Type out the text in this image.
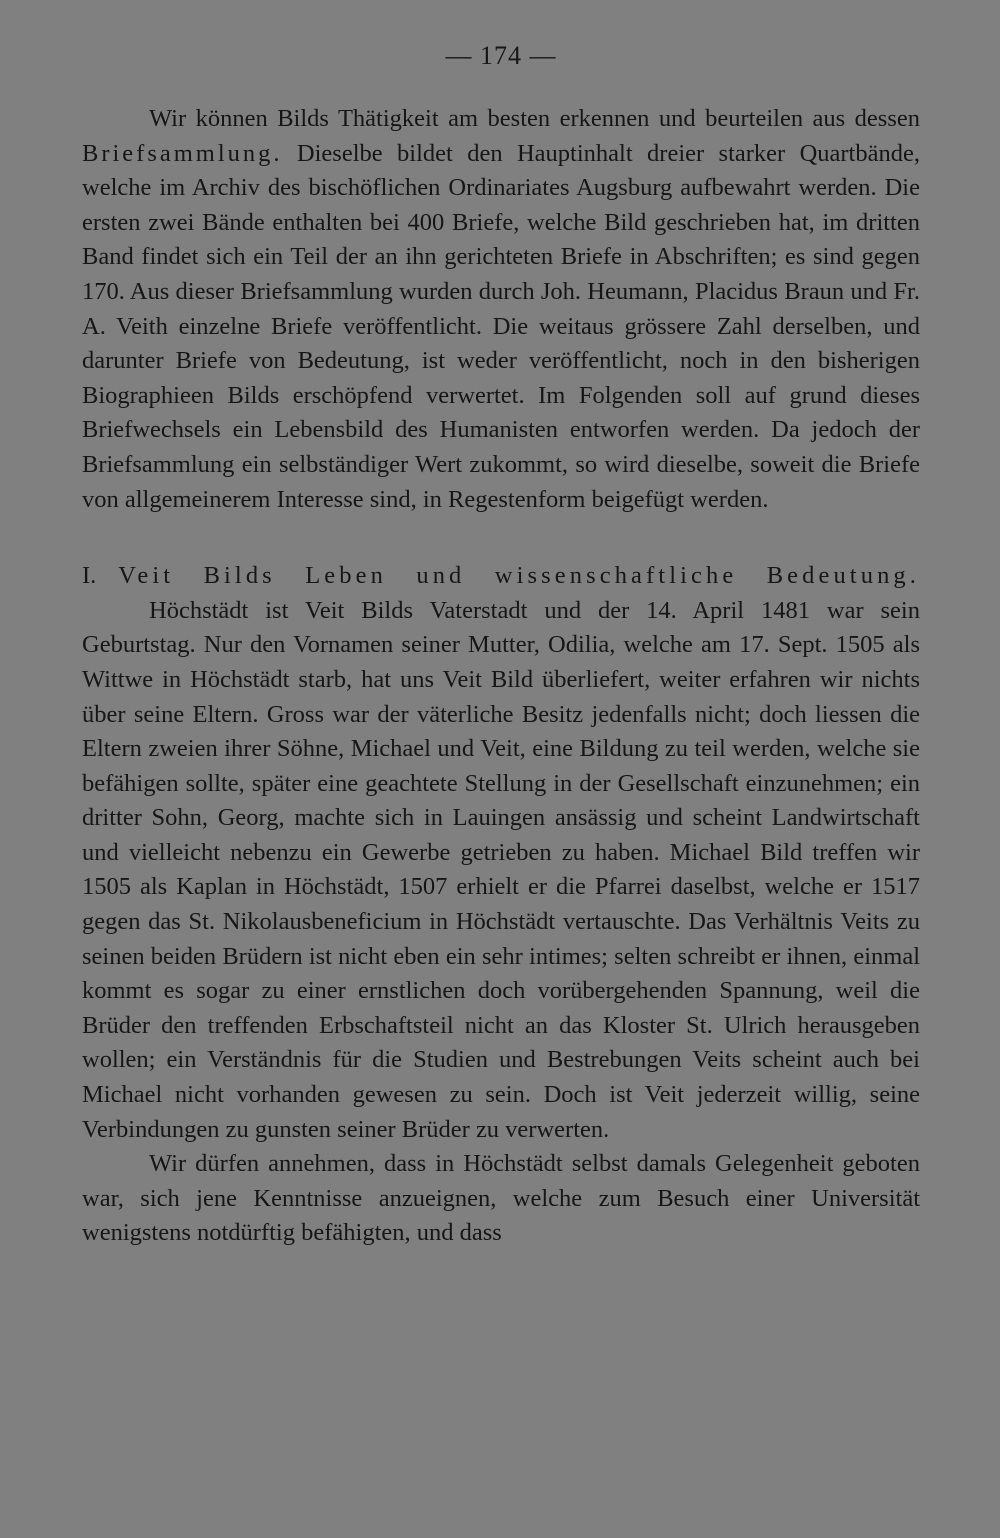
— 174 —

Wir können Bilds Thätigkeit am besten erkennen und beurteilen aus dessen Briefsammlung. Dieselbe bildet den Hauptinhalt dreier starker Quartbände, welche im Archiv des bischöflichen Ordinariates Augsburg aufbewahrt werden. Die ersten zwei Bände enthalten bei 400 Briefe, welche Bild geschrieben hat, im dritten Band findet sich ein Teil der an ihn gerichteten Briefe in Abschriften; es sind gegen 170. Aus dieser Briefsammlung wurden durch Joh. Heumann, Placidus Braun und Fr. A. Veith einzelne Briefe veröffentlicht. Die weitaus grössere Zahl derselben, und darunter Briefe von Bedeutung, ist weder veröffentlicht, noch in den bisherigen Biographieen Bilds erschöpfend verwertet. Im Folgenden soll auf grund dieses Briefwechsels ein Lebensbild des Humanisten entworfen werden. Da jedoch der Briefsammlung ein selbständiger Wert zukommt, so wird dieselbe, soweit die Briefe von allgemeinerem Interesse sind, in Regestenform beigefügt werden.

I. Veit Bilds Leben und wissenschaftliche Bedeutung.

Höchstädt ist Veit Bilds Vaterstadt und der 14. April 1481 war sein Geburtstag. Nur den Vornamen seiner Mutter, Odilia, welche am 17. Sept. 1505 als Wittwe in Höchstädt starb, hat uns Veit Bild überliefert, weiter erfahren wir nichts über seine Eltern. Gross war der väterliche Besitz jedenfalls nicht; doch liessen die Eltern zweien ihrer Söhne, Michael und Veit, eine Bildung zu teil werden, welche sie befähigen sollte, später eine geachtete Stellung in der Gesellschaft einzunehmen; ein dritter Sohn, Georg, machte sich in Lauingen ansässig und scheint Landwirtschaft und vielleicht nebenzu ein Gewerbe getrieben zu haben. Michael Bild treffen wir 1505 als Kaplan in Höchstädt, 1507 erhielt er die Pfarrei daselbst, welche er 1517 gegen das St. Nikolausbeneficium in Höchstädt vertauschte. Das Verhältnis Veits zu seinen beiden Brüdern ist nicht eben ein sehr intimes; selten schreibt er ihnen, einmal kommt es sogar zu einer ernstlichen doch vorübergehenden Spannung, weil die Brüder den treffenden Erbschaftsteil nicht an das Kloster St. Ulrich herausgeben wollen; ein Verständnis für die Studien und Bestrebungen Veits scheint auch bei Michael nicht vorhanden gewesen zu sein. Doch ist Veit jederzeit willig, seine Verbindungen zu gunsten seiner Brüder zu verwerten.

Wir dürfen annehmen, dass in Höchstädt selbst damals Gelegenheit geboten war, sich jene Kenntnisse anzueignen, welche zum Besuch einer Universität wenigstens notdürftig befähigten, und dass
